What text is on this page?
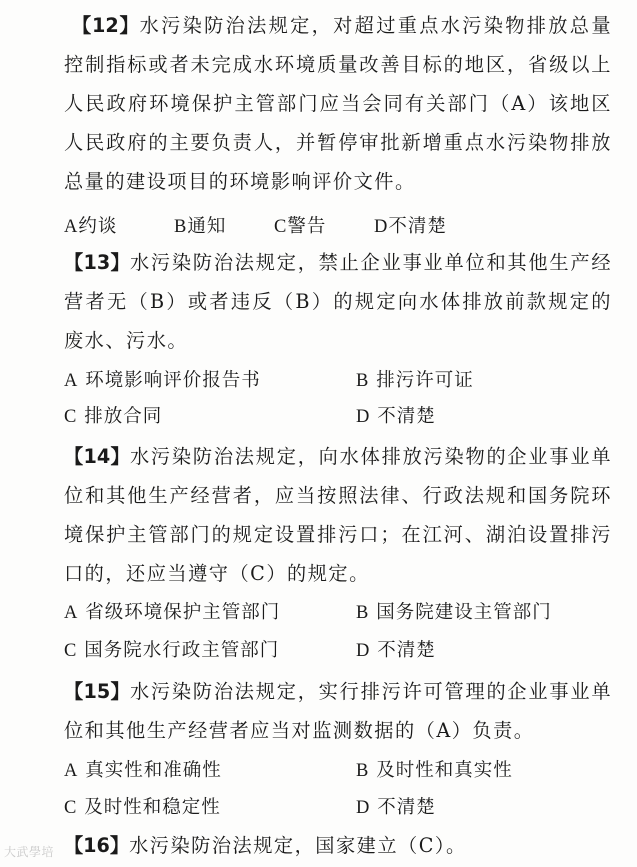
【12】水污染防治法规定，对超过重点水污染物排放总量控制指标或者未完成水环境质量改善目标的地区，省级以上人民政府环境保护主管部门应当会同有关部门（A）该地区人民政府的主要负责人，并暂停审批新增重点水污染物排放总量的建设项目的环境影响评价文件。

A约谈	B通知	C警告	D不清楚

【13】水污染防治法规定，禁止企业事业单位和其他生产经营者无（B）或者违反（B）的规定向水体排放前款规定的废水、污水。

A 环境影响评价报告书	B 排污许可证
C 排放合同	D 不清楚

【14】水污染防治法规定，向水体排放污染物的企业事业单位和其他生产经营者，应当按照法律、行政法规和国务院环境保护主管部门的规定设置排污口；在江河、湖泊设置排污口的，还应当遵守（C）的规定。

A 省级环境保护主管部门	B 国务院建设主管部门
C 国务院水行政主管部门	D 不清楚

【15】水污染防治法规定，实行排污许可管理的企业事业单位和其他生产经营者应当对监测数据的（A）负责。

A 真实性和准确性	B 及时性和真实性
C 及时性和稳定性	D 不清楚

【16】水污染防治法规定，国家建立（C）。

大武學培
